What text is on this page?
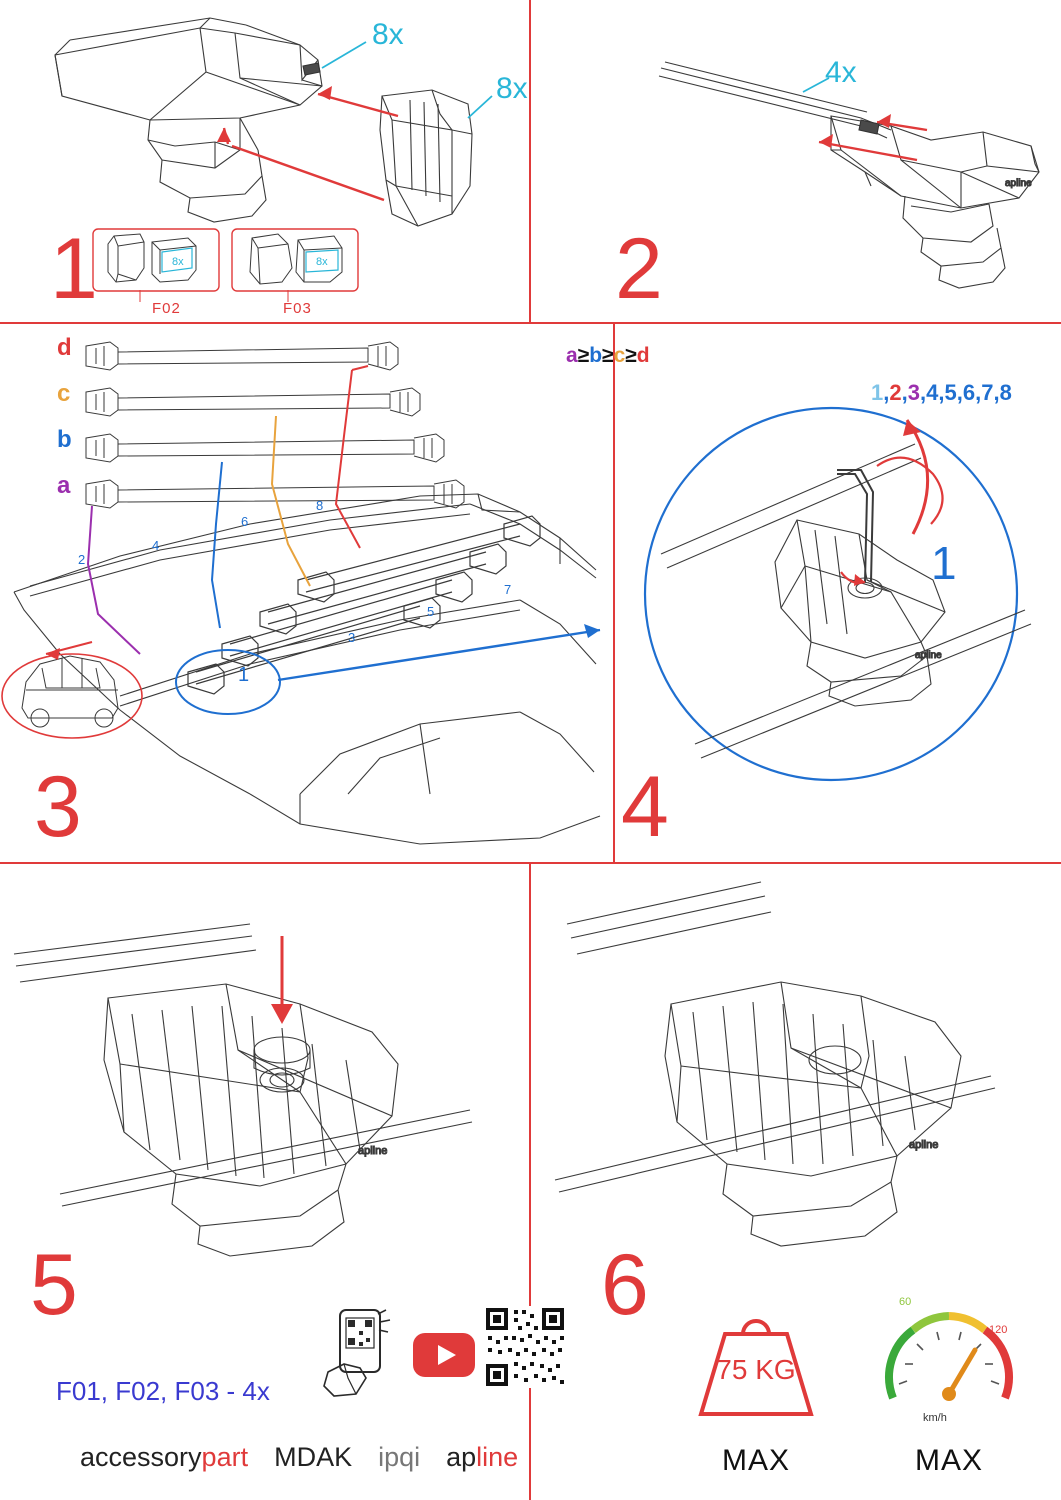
8x
8x
8x	8x
F02	F03
1
apline
4x
2
d
c
b
a
2
4
6
8
7
5
3
1
3
a≥b≥c≥d
apline
1
1,2,3,4,5,6,7,8
4
apline
5
F01, F02, F03 - 4x
accessorypart MDAK ipqi apline
apline
6
75 KG
MAX
60
120
km/h
MAX
